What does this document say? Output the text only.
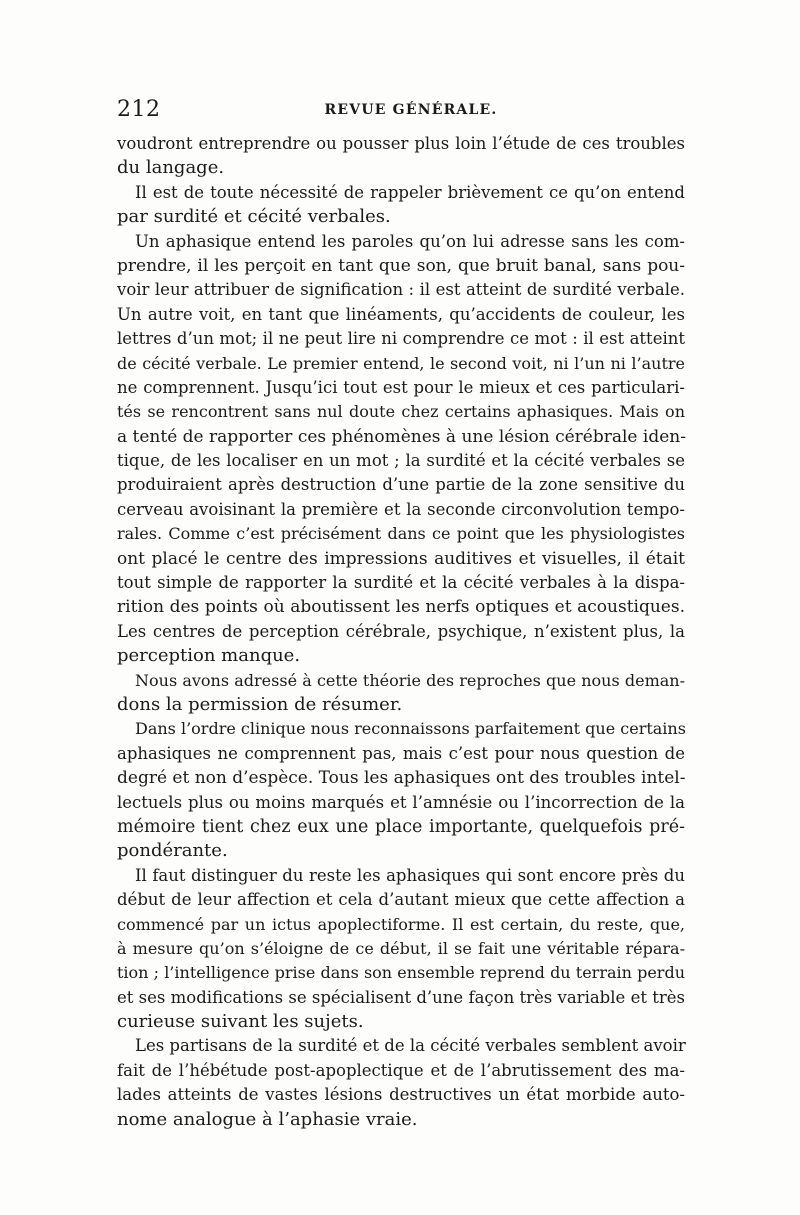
212	REVUE GÉNÉRALE.
voudront entreprendre ou pousser plus loin l’étude de ces troubles
du langage.
Il est de toute nécessité de rappeler brièvement ce qu’on entend
par surdité et cécité verbales.
Un aphasique entend les paroles qu’on lui adresse sans les com-
prendre, il les perçoit en tant que son, que bruit banal, sans pou-
voir leur attribuer de signification : il est atteint de surdité verbale.
Un autre voit, en tant que linéaments, qu’accidents de couleur, les
lettres d’un mot; il ne peut lire ni comprendre ce mot : il est atteint
de cécité verbale. Le premier entend, le second voit, ni l’un ni l’autre
ne comprennent. Jusqu’ici tout est pour le mieux et ces particulari-
tés se rencontrent sans nul doute chez certains aphasiques. Mais on
a tenté de rapporter ces phénomènes à une lésion cérébrale iden-
tique, de les localiser en un mot ; la surdité et la cécité verbales se
produiraient après destruction d’une partie de la zone sensitive du
cerveau avoisinant la première et la seconde circonvolution tempo-
rales. Comme c’est précisément dans ce point que les physiologistes
ont placé le centre des impressions auditives et visuelles, il était
tout simple de rapporter la surdité et la cécité verbales à la dispa-
rition des points où aboutissent les nerfs optiques et acoustiques.
Les centres de perception cérébrale, psychique, n’existent plus, la
perception manque.
Nous avons adressé à cette théorie des reproches que nous deman-
dons la permission de résumer.
Dans l’ordre clinique nous reconnaissons parfaitement que certains
aphasiques ne comprennent pas, mais c’est pour nous question de
degré et non d’espèce. Tous les aphasiques ont des troubles intel-
lectuels plus ou moins marqués et l’amnésie ou l’incorrection de la
mémoire tient chez eux une place importante, quelquefois pré-
pondérante.
Il faut distinguer du reste les aphasiques qui sont encore près du
début de leur affection et cela d’autant mieux que cette affection a
commencé par un ictus apoplectiforme. Il est certain, du reste, que,
à mesure qu’on s’éloigne de ce début, il se fait une véritable répara-
tion ; l’intelligence prise dans son ensemble reprend du terrain perdu
et ses modifications se spécialisent d’une façon très variable et très
curieuse suivant les sujets.
Les partisans de la surdité et de la cécité verbales semblent avoir
fait de l’hébétude post-apoplectique et de l’abrutissement des ma-
lades atteints de vastes lésions destructives un état morbide auto-
nome analogue à l’aphasie vraie.
